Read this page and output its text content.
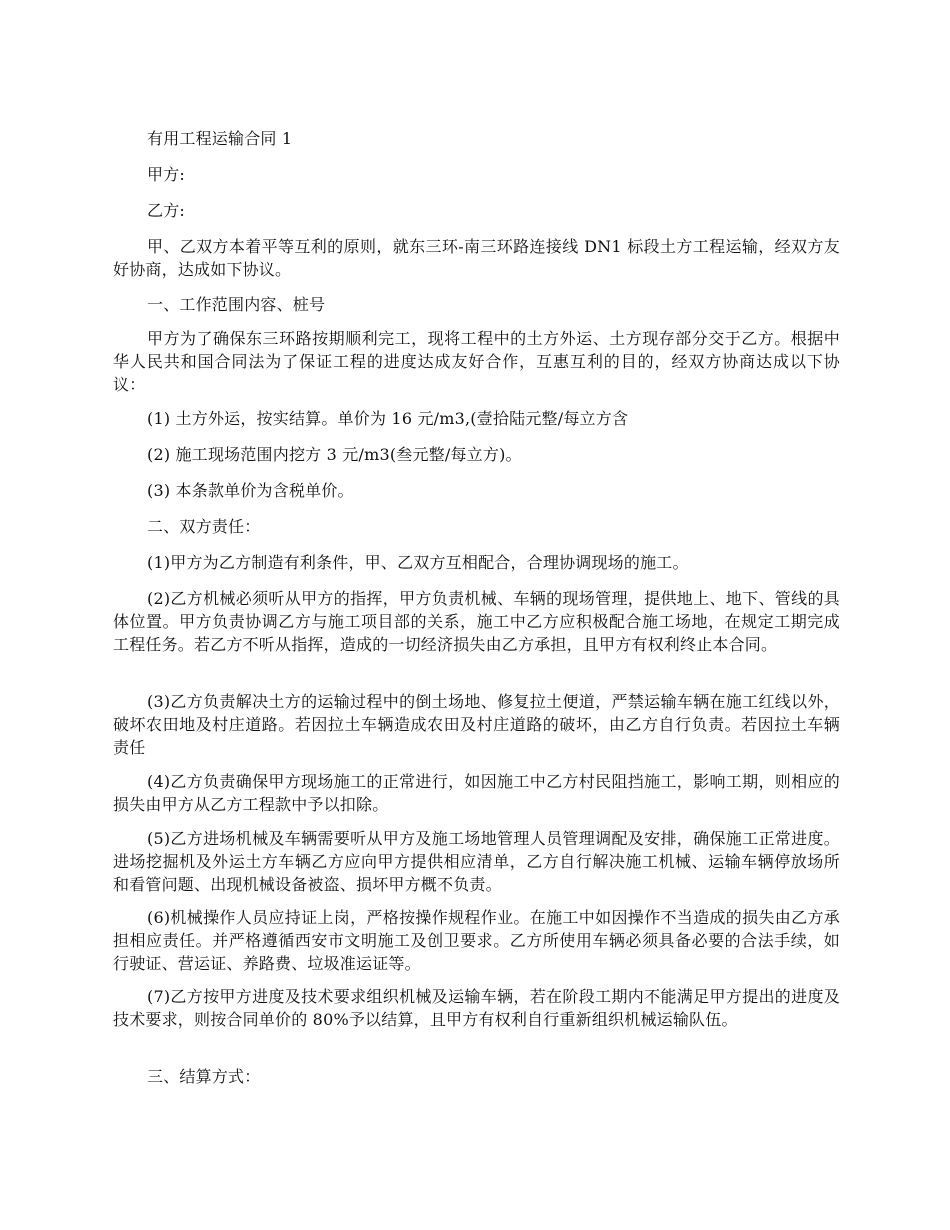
有用工程运输合同 1

甲方:

乙方:

甲、乙双方本着平等互利的原则，就东三环-南三环路连接线 DN1 标段土方工程运输，经双方友好协商，达成如下协议。

一、工作范围内容、桩号

甲方为了确保东三环路按期顺利完工，现将工程中的土方外运、土方现存部分交于乙方。根据中华人民共和国合同法为了保证工程的进度达成友好合作，互惠互利的目的，经双方协商达成以下协议：

(1) 土方外运，按实结算。单价为 16 元/m3,(壹拾陆元整/每立方含

(2) 施工现场范围内挖方 3 元/m3(叁元整/每立方)。

(3) 本条款单价为含税单价。

二、双方责任：

(1)甲方为乙方制造有利条件，甲、乙双方互相配合，合理协调现场的施工。

(2)乙方机械必须听从甲方的指挥，甲方负责机械、车辆的现场管理，提供地上、地下、管线的具体位置。甲方负责协调乙方与施工项目部的关系，施工中乙方应积极配合施工场地，在规定工期完成工程任务。若乙方不听从指挥，造成的一切经济损失由乙方承担，且甲方有权利终止本合同。

(3)乙方负责解决土方的运输过程中的倒土场地、修复拉土便道，严禁运输车辆在施工红线以外，破坏农田地及村庄道路。若因拉土车辆造成农田及村庄道路的破坏，由乙方自行负责。若因拉土车辆责任

(4)乙方负责确保甲方现场施工的正常进行，如因施工中乙方村民阻挡施工，影响工期，则相应的损失由甲方从乙方工程款中予以扣除。

(5)乙方进场机械及车辆需要听从甲方及施工场地管理人员管理调配及安排，确保施工正常进度。进场挖掘机及外运土方车辆乙方应向甲方提供相应清单，乙方自行解决施工机械、运输车辆停放场所和看管问题、出现机械设备被盗、损坏甲方概不负责。

(6)机械操作人员应持证上岗，严格按操作规程作业。在施工中如因操作不当造成的损失由乙方承担相应责任。并严格遵循西安市文明施工及创卫要求。乙方所使用车辆必须具备必要的合法手续，如行驶证、营运证、养路费、垃圾准运证等。

(7)乙方按甲方进度及技术要求组织机械及运输车辆，若在阶段工期内不能满足甲方提出的进度及技术要求，则按合同单价的 80%予以结算，且甲方有权利自行重新组织机械运输队伍。

三、结算方式：
